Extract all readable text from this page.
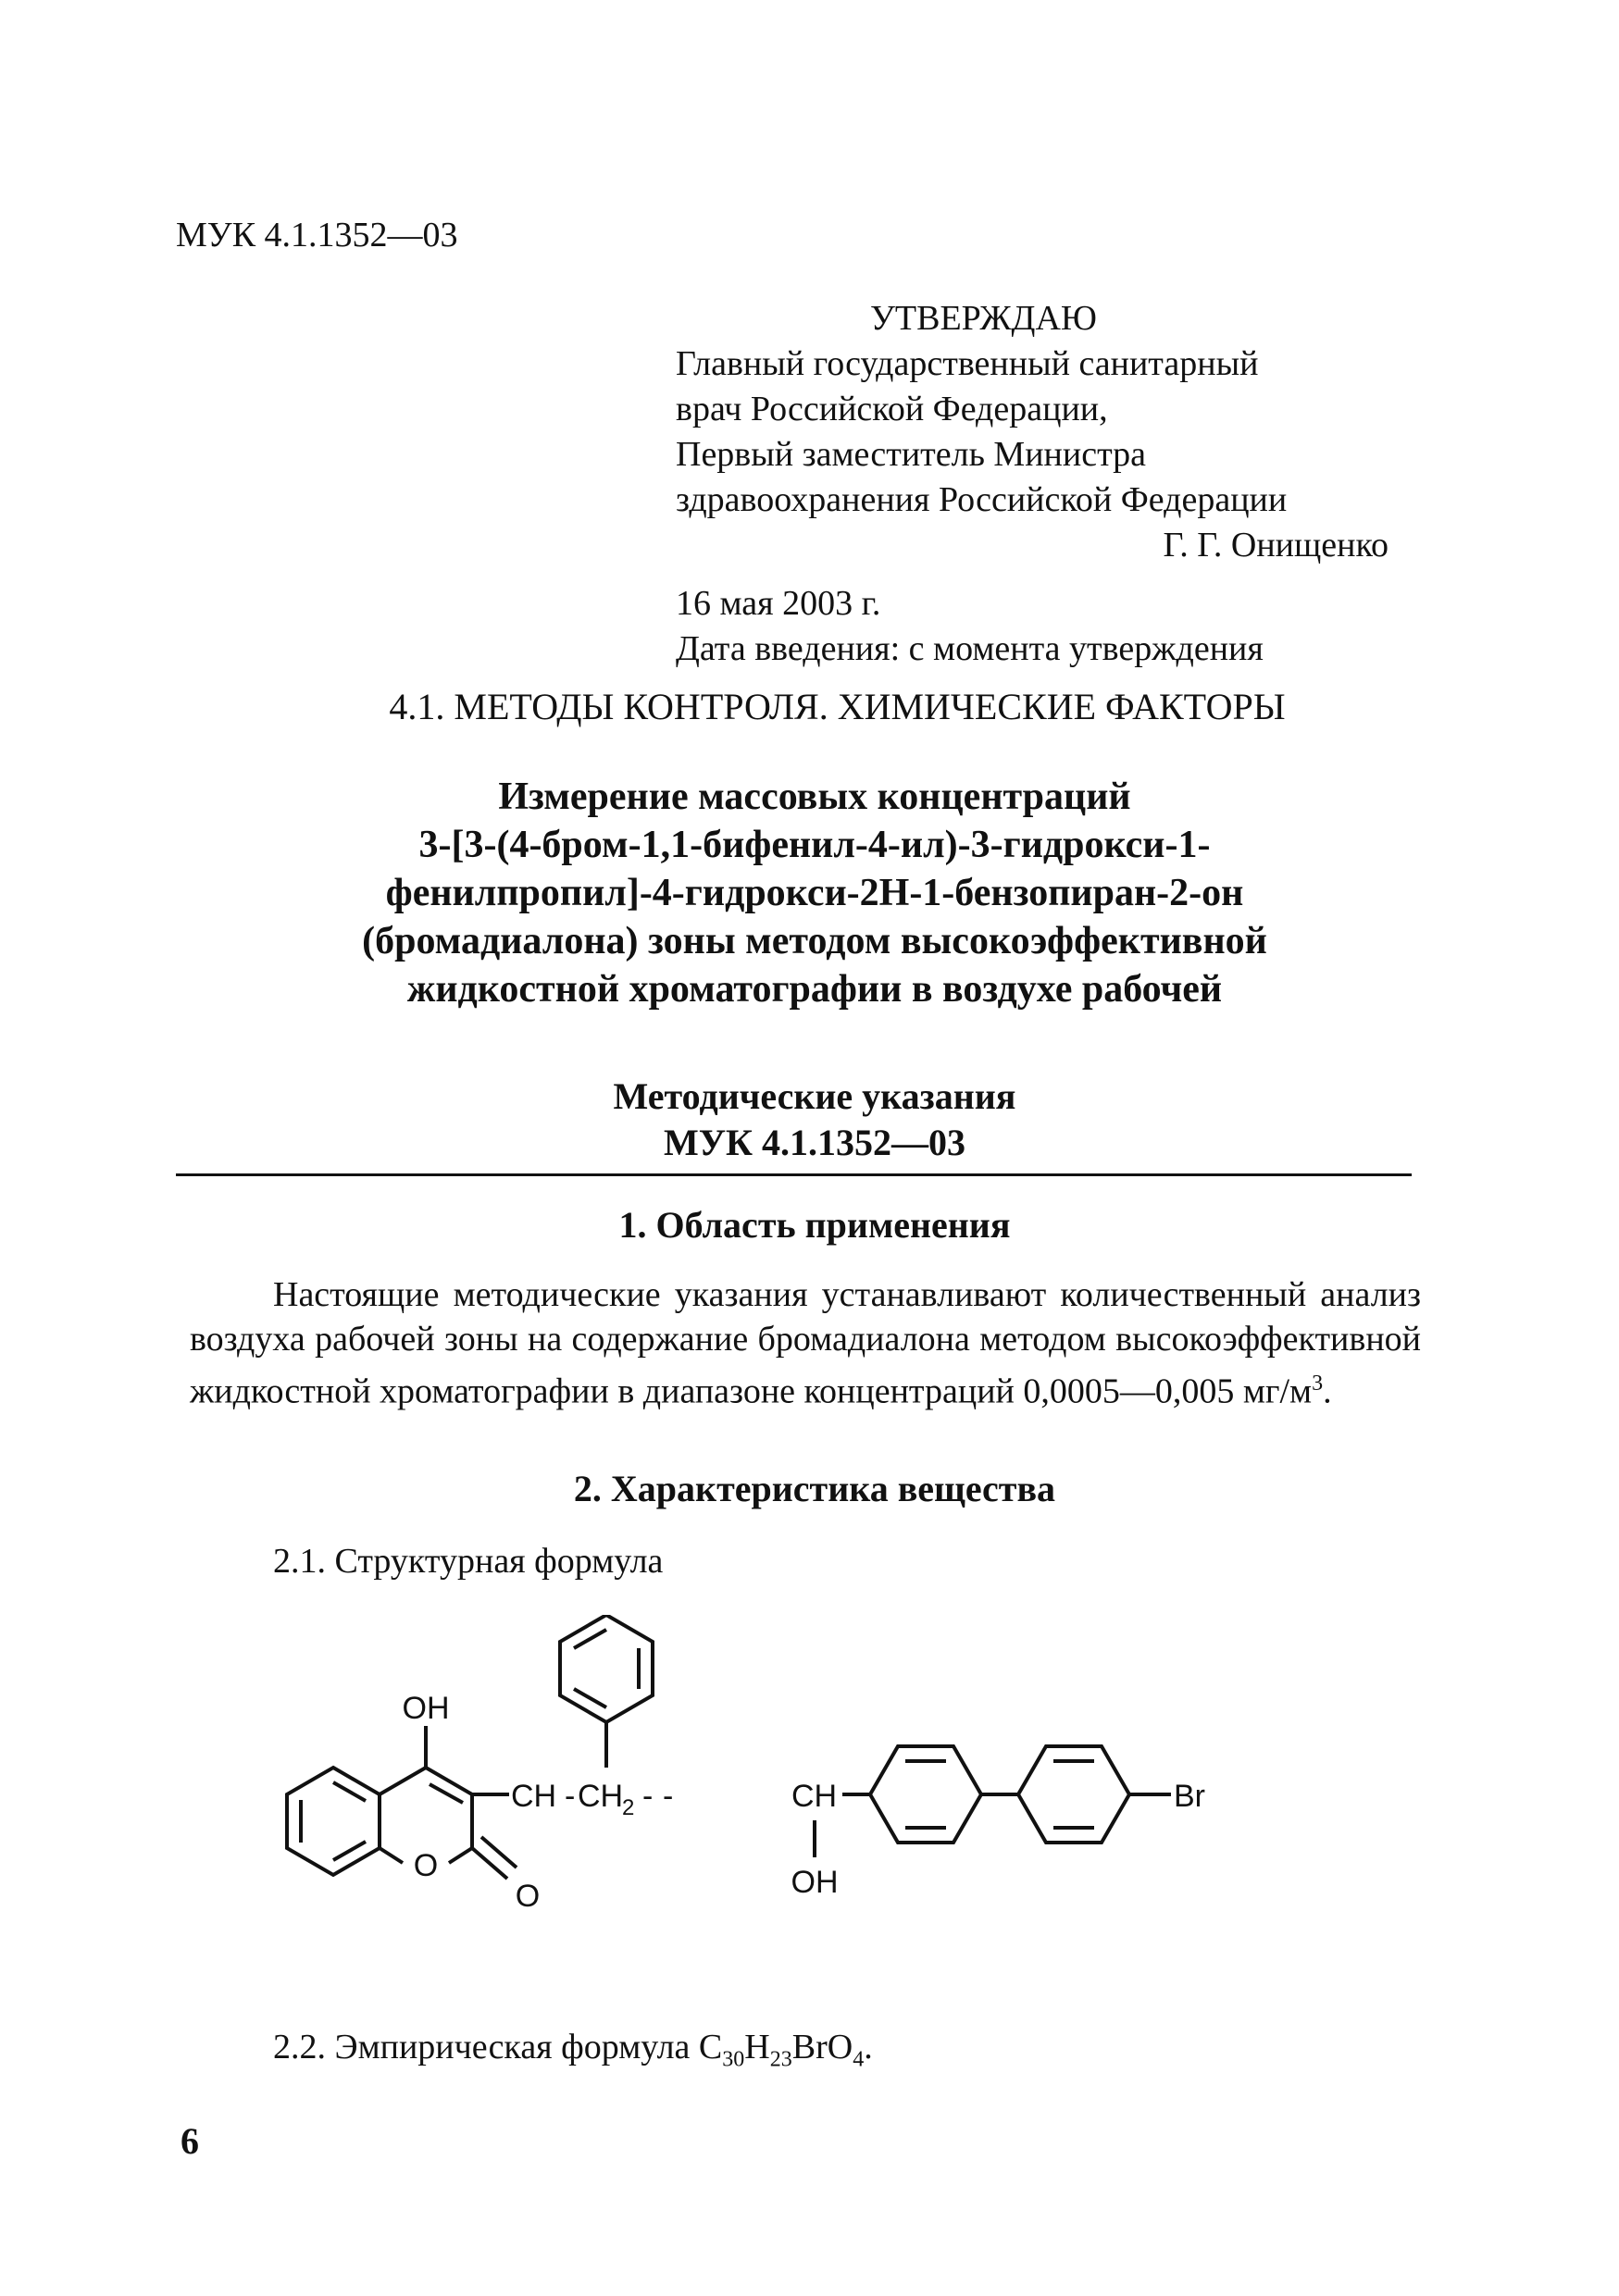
МУК 4.1.1352—03
УТВЕРЖДАЮ
Главный государственный санитарный
врач Российской Федерации,
Первый заместитель Министра
здравоохранения Российской Федерации
Г. Г. Онищенко
16 мая 2003 г.
Дата введения: с момента утверждения
4.1. МЕТОДЫ КОНТРОЛЯ. ХИМИЧЕСКИЕ ФАКТОРЫ
Измерение массовых концентраций
3-[3-(4-бром-1,1-бифенил-4-ил)-3-гидрокси-1-
фенилпропил]-4-гидрокси-2Н-1-бензопиран-2-он
(бромадиалона) зоны методом высокоэффективной
жидкостной хроматографии в воздухе рабочей
Методические указания
МУК 4.1.1352—03
1. Область применения
Настоящие методические указания устанавливают количественный анализ воздуха рабочей зоны на содержание бромадиалона методом высокоэффективной жидкостной хроматографии в диапазоне концентраций 0,0005—0,005 $мг/м^3$.
2. Характеристика вещества
2.1. Структурная формула
OH
CH - CH
2 - -	CH
OH
O
O
Br
2.2. Эмпирическая формула $C_{30}H_{23}BrO_4$.
6
